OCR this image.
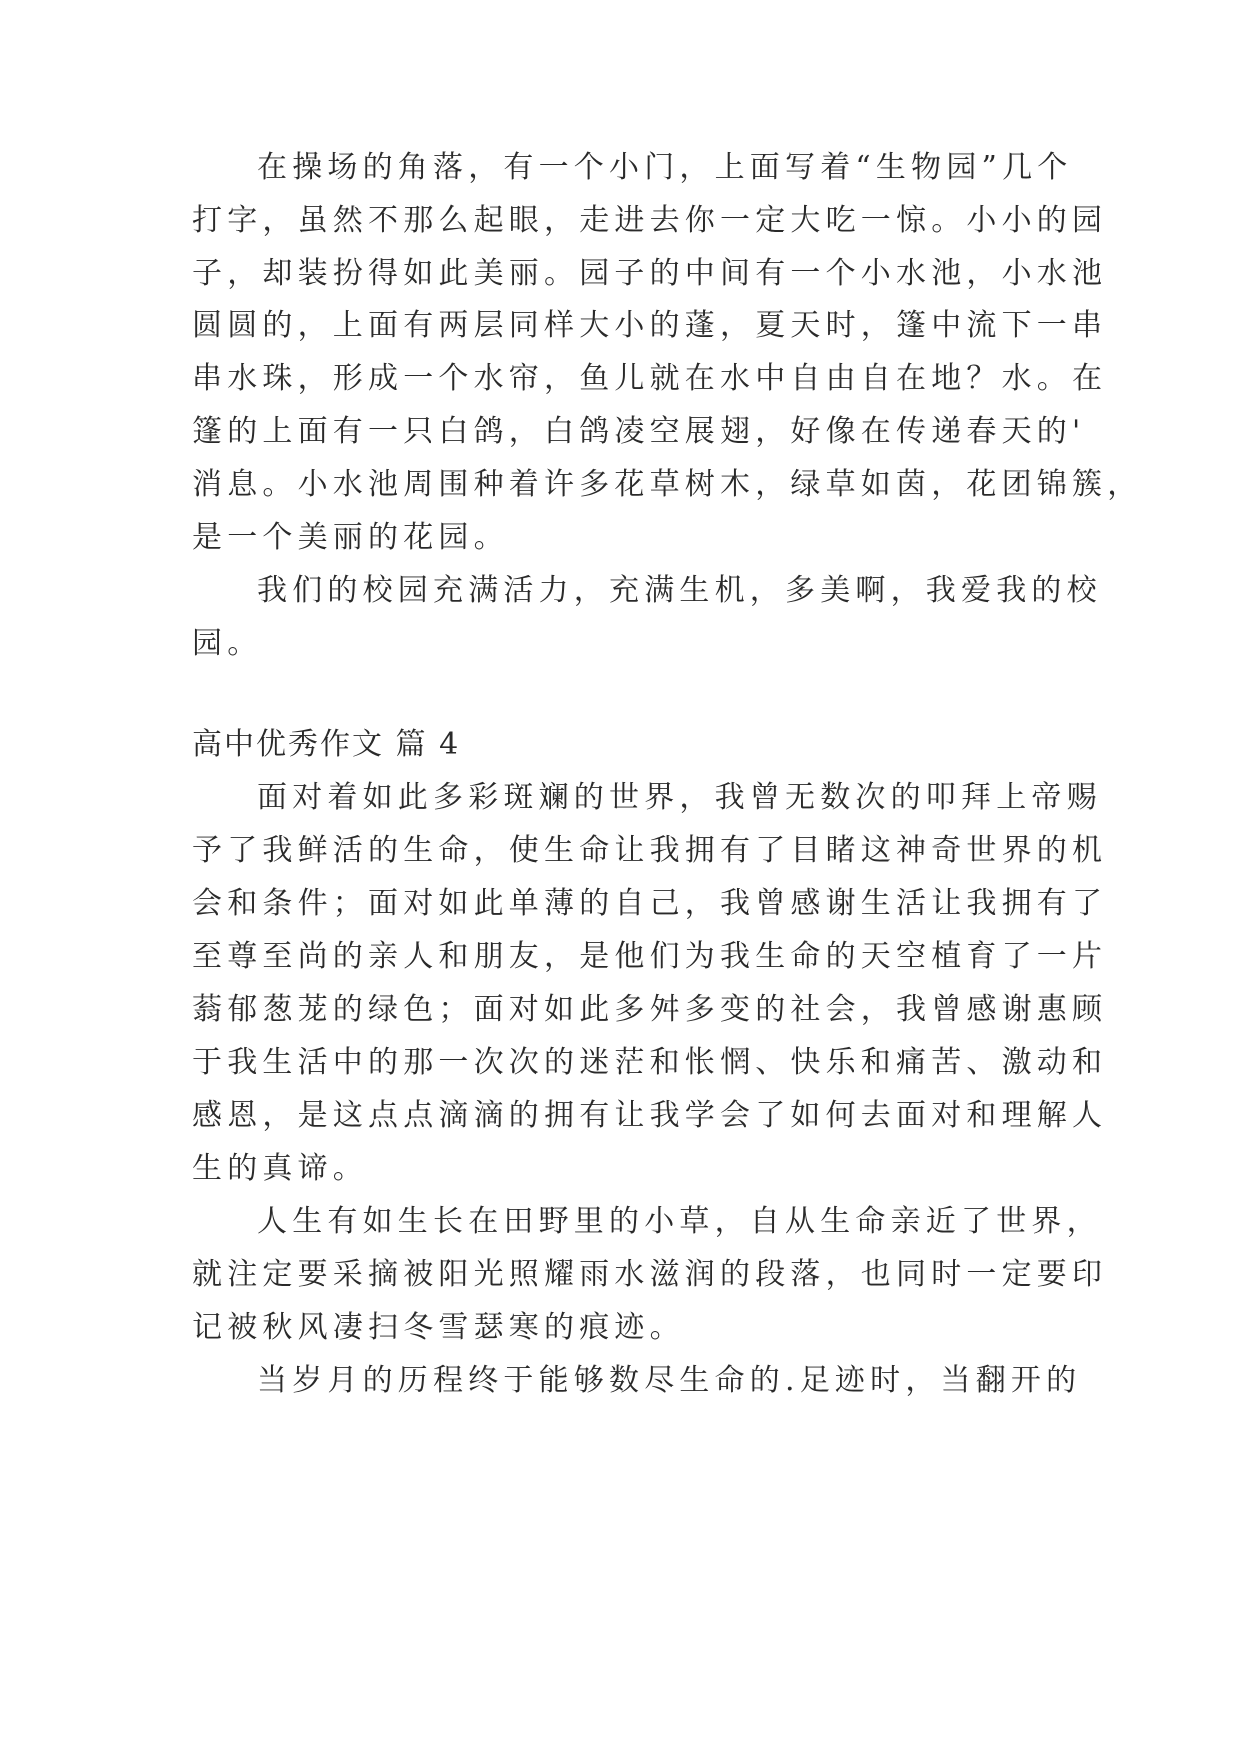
在操场的角落，有一个小门，上面写着“生物园”几个
打字，虽然不那么起眼，走进去你一定大吃一惊。小小的园
子，却装扮得如此美丽。园子的中间有一个小水池，小水池
圆圆的，上面有两层同样大小的蓬，夏天时，篷中流下一串
串水珠，形成一个水帘，鱼儿就在水中自由自在地？水。在
篷的上面有一只白鸽，白鸽凌空展翅，好像在传递春天的'
消息。小水池周围种着许多花草树木，绿草如茵，花团锦簇，
是一个美丽的花园。
我们的校园充满活力，充满生机，多美啊，我爱我的校
园。
高中优秀作文 篇 4
面对着如此多彩斑斓的世界，我曾无数次的叩拜上帝赐
予了我鲜活的生命，使生命让我拥有了目睹这神奇世界的机
会和条件；面对如此单薄的自己，我曾感谢生活让我拥有了
至尊至尚的亲人和朋友，是他们为我生命的天空植育了一片
蓊郁葱茏的绿色；面对如此多舛多变的社会，我曾感谢惠顾
于我生活中的那一次次的迷茫和怅惘、快乐和痛苦、激动和
感恩，是这点点滴滴的拥有让我学会了如何去面对和理解人
生的真谛。
人生有如生长在田野里的小草，自从生命亲近了世界，
就注定要采摘被阳光照耀雨水滋润的段落，也同时一定要印
记被秋风凄扫冬雪瑟寒的痕迹。
当岁月的历程终于能够数尽生命的.足迹时，当翻开的
